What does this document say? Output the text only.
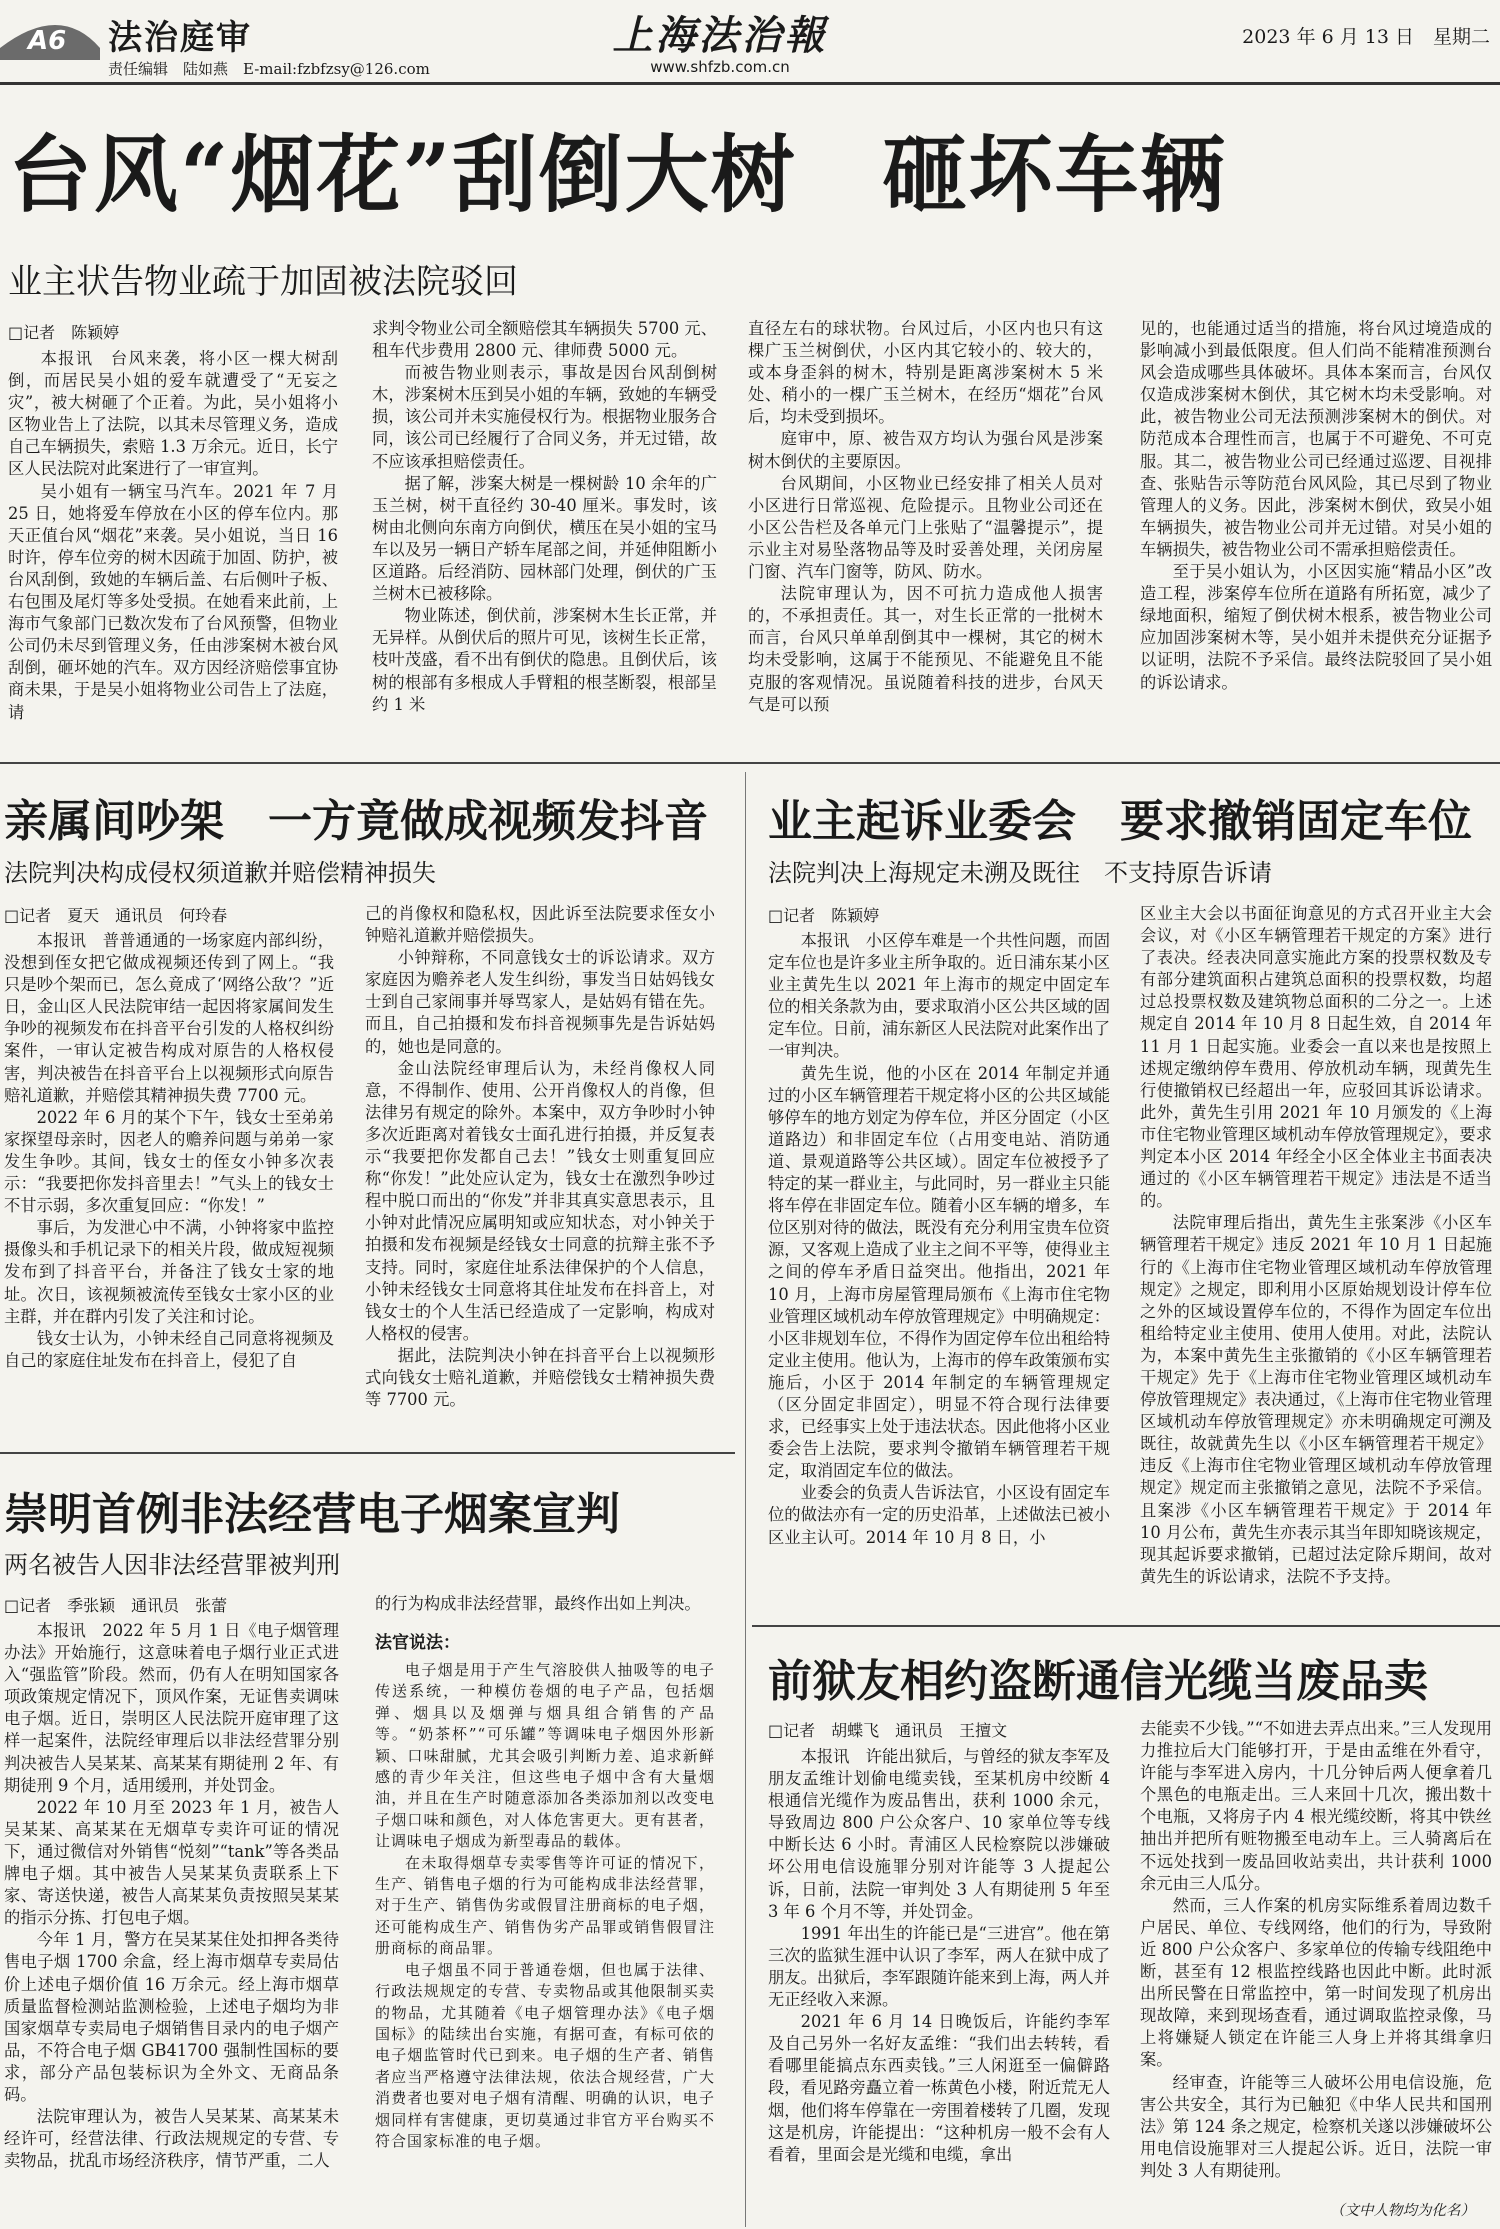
A6 法治庭审
责任编辑　陆如燕　E-mail:fzbfzsy@126.com
上海法治報
www.shfzb.com.cn
2023 年 6 月 13 日　星期二
台风“烟花”刮倒大树　砸坏车辆
业主状告物业疏于加固被法院驳回
□记者　陈颖婷

本报讯　台风来袭，将小区一棵大树刮倒，而居民吴小姐的爱车就遭受了“无妄之灾”，被大树砸了个正着。为此，吴小姐将小区物业告上了法院，以其未尽管理义务，造成自己车辆损失，索赔 1.3 万余元。近日，长宁区人民法院对此案进行了一审宣判。

吴小姐有一辆宝马汽车。2021 年 7 月 25 日，她将爱车停放在小区的停车位内。那天正值台风“烟花”来袭。吴小姐说，当日 16 时许，停车位旁的树木因疏于加固、防护，被台风刮倒，致她的车辆后盖、右后侧叶子板、右包围及尾灯等多处受损。在她看来此前，上海市气象部门已数次发布了台风预警，但物业公司仍未尽到管理义务，任由涉案树木被台风刮倒，砸坏她的汽车。双方因经济赔偿事宜协商未果，于是吴小姐将物业公司告上了法庭，请

求判令物业公司全额赔偿其车辆损失 5700 元、租车代步费用 2800 元、律师费 5000 元。

而被告物业则表示，事故是因台风刮倒树木，涉案树木压到吴小姐的车辆，致她的车辆受损，该公司并未实施侵权行为。根据物业服务合同，该公司已经履行了合同义务，并无过错，故不应该承担赔偿责任。

据了解，涉案大树是一棵树龄 10 余年的广玉兰树，树干直径约 30-40 厘米。事发时，该树由北侧向东南方向倒伏，横压在吴小姐的宝马车以及另一辆日产轿车尾部之间，并延伸阻断小区道路。后经消防、园林部门处理，倒伏的广玉兰树木已被移除。

物业陈述，倒伏前，涉案树木生长正常，并无异样。从倒伏后的照片可见，该树生长正常，枝叶茂盛，看不出有倒伏的隐患。且倒伏后，该树的根部有多根成人手臂粗的根茎断裂，根部呈约 1 米

直径左右的球状物。台风过后，小区内也只有这棵广玉兰树倒伏，小区内其它较小的、较大的，或本身歪斜的树木，特别是距离涉案树木 5 米处、稍小的一棵广玉兰树木，在经历“烟花”台风后，均未受到损坏。

庭审中，原、被告双方均认为强台风是涉案树木倒伏的主要原因。

台风期间，小区物业已经安排了相关人员对小区进行日常巡视、危险提示。且物业公司还在小区公告栏及各单元门上张贴了“温馨提示”，提示业主对易坠落物品等及时妥善处理，关闭房屋门窗、汽车门窗等，防风、防水。

法院审理认为，因不可抗力造成他人损害的，不承担责任。其一，对生长正常的一批树木而言，台风只单单刮倒其中一棵树，其它的树木均未受影响，这属于不能预见、不能避免且不能克服的客观情况。虽说随着科技的进步，台风天气是可以预

见的，也能通过适当的措施，将台风过境造成的影响减小到最低限度。但人们尚不能精准预测台风会造成哪些具体破坏。具体本案而言，台风仅仅造成涉案树木倒伏，其它树木均未受影响。对此，被告物业公司无法预测涉案树木的倒伏。对防范成本合理性而言，也属于不可避免、不可克服。其二，被告物业公司已经通过巡逻、目视排查、张贴告示等防范台风风险，其已尽到了物业管理人的义务。因此，涉案树木倒伏，致吴小姐车辆损失，被告物业公司并无过错。对吴小姐的车辆损失，被告物业公司不需承担赔偿责任。

至于吴小姐认为，小区因实施“精品小区”改造工程，涉案停车位所在道路有所拓宽，减少了绿地面积，缩短了倒伏树木根系，被告物业公司应加固涉案树木等，吴小姐并未提供充分证据予以证明，法院不予采信。最终法院驳回了吴小姐的诉讼请求。

亲属间吵架　一方竟做成视频发抖音
法院判决构成侵权须道歉并赔偿精神损失
□记者　夏天　通讯员　何玲春

本报讯　普普通通的一场家庭内部纠纷，没想到侄女把它做成视频还传到了网上。“我只是吵个架而已，怎么竟成了‘网络公敌’？”近日，金山区人民法院审结一起因将家属间发生争吵的视频发布在抖音平台引发的人格权纠纷案件，一审认定被告构成对原告的人格权侵害，判决被告在抖音平台上以视频形式向原告赔礼道歉，并赔偿其精神损失费 7700 元。

2022 年 6 月的某个下午，钱女士至弟弟家探望母亲时，因老人的赡养问题与弟弟一家发生争吵。其间，钱女士的侄女小钟多次表示：“我要把你发抖音里去！”气头上的钱女士不甘示弱，多次重复回应：“你发！”

事后，为发泄心中不满，小钟将家中监控摄像头和手机记录下的相关片段，做成短视频发布到了抖音平台，并备注了钱女士家的地址。次日，该视频被流传至钱女士家小区的业主群，并在群内引发了关注和讨论。

钱女士认为，小钟未经自己同意将视频及自己的家庭住址发布在抖音上，侵犯了自

己的肖像权和隐私权，因此诉至法院要求侄女小钟赔礼道歉并赔偿损失。

小钟辩称，不同意钱女士的诉讼请求。双方家庭因为赡养老人发生纠纷，事发当日姑妈钱女士到自己家闹事并辱骂家人，是姑妈有错在先。而且，自己拍摄和发布抖音视频事先是告诉姑妈的，她也是同意的。

金山法院经审理后认为，未经肖像权人同意，不得制作、使用、公开肖像权人的肖像，但法律另有规定的除外。本案中，双方争吵时小钟多次近距离对着钱女士面孔进行拍摄，并反复表示“我要把你发都自己去！”钱女士则重复回应称“你发！”此处应认定为，钱女士在激烈争吵过程中脱口而出的“你发”并非其真实意思表示，且小钟对此情况应属明知或应知状态，对小钟关于拍摄和发布视频是经钱女士同意的抗辩主张不予支持。同时，家庭住址系法律保护的个人信息，小钟未经钱女士同意将其住址发布在抖音上，对钱女士的个人生活已经造成了一定影响，构成对人格权的侵害。

据此，法院判决小钟在抖音平台上以视频形式向钱女士赔礼道歉，并赔偿钱女士精神损失费等 7700 元。

业主起诉业委会　要求撤销固定车位
法院判决上海规定未溯及既往　不支持原告诉请
□记者　陈颖婷

本报讯　小区停车难是一个共性问题，而固定车位也是许多业主所争取的。近日浦东某小区业主黄先生以 2021 年上海市的规定中固定车位的相关条款为由，要求取消小区公共区域的固定车位。日前，浦东新区人民法院对此案作出了一审判决。

黄先生说，他的小区在 2014 年制定并通过的小区车辆管理若干规定将小区的公共区域能够停车的地方划定为停车位，并区分固定（小区道路边）和非固定车位（占用变电站、消防通道、景观道路等公共区域）。固定车位被授予了特定的某一群业主，与此同时，另一群业主只能将车停在非固定车位。随着小区车辆的增多，车位区别对待的做法，既没有充分利用宝贵车位资源，又客观上造成了业主之间不平等，使得业主之间的停车矛盾日益突出。他指出，2021 年 10 月，上海市房屋管理局颁布《上海市住宅物业管理区域机动车停放管理规定》中明确规定：小区非规划车位，不得作为固定停车位出租给特定业主使用。他认为，上海市的停车政策颁布实施后，小区于 2014 年制定的车辆管理规定（区分固定非固定），明显不符合现行法律要求，已经事实上处于违法状态。因此他将小区业委会告上法院，要求判令撤销车辆管理若干规定，取消固定车位的做法。

业委会的负责人告诉法官，小区设有固定车位的做法亦有一定的历史沿革，上述做法已被小区业主认可。2014 年 10 月 8 日，小

区业主大会以书面征询意见的方式召开业主大会会议，对《小区车辆管理若干规定的方案》进行了表决。经表决同意实施此方案的投票权数及专有部分建筑面积占建筑总面积的投票权数，均超过总投票权数及建筑物总面积的二分之一。上述规定自 2014 年 10 月 8 日起生效，自 2014 年 11 月 1 日起实施。业委会一直以来也是按照上述规定缴纳停车费用、停放机动车辆，现黄先生行使撤销权已经超出一年，应驳回其诉讼请求。此外，黄先生引用 2021 年 10 月颁发的《上海市住宅物业管理区域机动车停放管理规定》，要求判定本小区 2014 年经全小区全体业主书面表决通过的《小区车辆管理若干规定》违法是不适当的。

法院审理后指出，黄先生主张案涉《小区车辆管理若干规定》违反 2021 年 10 月 1 日起施行的《上海市住宅物业管理区域机动车停放管理规定》之规定，即利用小区原始规划设计停车位之外的区域设置停车位的，不得作为固定车位出租给特定业主使用、使用人使用。对此，法院认为，本案中黄先生主张撤销的《小区车辆管理若干规定》先于《上海市住宅物业管理区域机动车停放管理规定》表决通过，《上海市住宅物业管理区域机动车停放管理规定》亦未明确规定可溯及既往，故就黄先生以《小区车辆管理若干规定》违反《上海市住宅物业管理区域机动车停放管理规定》规定而主张撤销之意见，法院不予采信。且案涉《小区车辆管理若干规定》于 2014 年 10 月公布，黄先生亦表示其当年即知晓该规定，现其起诉要求撤销，已超过法定除斥期间，故对黄先生的诉讼请求，法院不予支持。

崇明首例非法经营电子烟案宣判
两名被告人因非法经营罪被判刑
□记者　季张颖　通讯员　张蕾

本报讯　2022 年 5 月 1 日《电子烟管理办法》开始施行，这意味着电子烟行业正式进入“强监管”阶段。然而，仍有人在明知国家各项政策规定情况下，顶风作案，无证售卖调味电子烟。近日，崇明区人民法院开庭审理了这样一起案件，法院经审理后以非法经营罪分别判决被告人吴某某、高某某有期徒刑 2 年、有期徒刑 9 个月，适用缓刑，并处罚金。

2022 年 10 月至 2023 年 1 月，被告人吴某某、高某某在无烟草专卖许可证的情况下，通过微信对外销售“悦刻”“tank”等各类品牌电子烟。其中被告人吴某某负责联系上下家、寄送快递，被告人高某某负责按照吴某某的指示分拣、打包电子烟。

今年 1 月，警方在吴某某住处扣押各类待售电子烟 1700 余盒，经上海市烟草专卖局估价上述电子烟价值 16 万余元。经上海市烟草质量监督检测站监测检验，上述电子烟均为非国家烟草专卖局电子烟销售目录内的电子烟产品，不符合电子烟 GB41700 强制性国标的要求，部分产品包装标识为全外文、无商品条码。

法院审理认为，被告人吴某某、高某某未经许可，经营法律、行政法规规定的专营、专卖物品，扰乱市场经济秩序，情节严重，二人

的行为构成非法经营罪，最终作出如上判决。

法官说法：

电子烟是用于产生气溶胶供人抽吸等的电子传送系统，一种模仿卷烟的电子产品，包括烟弹、烟具以及烟弹与烟具组合销售的产品等。“奶茶杯”“可乐罐”等调味电子烟因外形新颖、口味甜腻，尤其会吸引判断力差、追求新鲜感的青少年关注，但这些电子烟中含有大量烟油，并且在生产时随意添加各类添加剂以改变电子烟口味和颜色，对人体危害更大。更有甚者，让调味电子烟成为新型毒品的载体。

在未取得烟草专卖零售等许可证的情况下，生产、销售电子烟的行为可能构成非法经营罪，对于生产、销售伪劣或假冒注册商标的电子烟，还可能构成生产、销售伪劣产品罪或销售假冒注册商标的商品罪。

电子烟虽不同于普通卷烟，但也属于法律、行政法规规定的专营、专卖物品或其他限制买卖的物品，尤其随着《电子烟管理办法》《电子烟国标》的陆续出台实施，有据可查，有标可依的电子烟监管时代已到来。电子烟的生产者、销售者应当严格遵守法律法规，依法合规经营，广大消费者也要对电子烟有清醒、明确的认识，电子烟同样有害健康，更切莫通过非官方平台购买不符合国家标准的电子烟。

前狱友相约盗断通信光缆当废品卖
□记者　胡蝶飞　通讯员　王擅文

本报讯　许能出狱后，与曾经的狱友李军及朋友孟维计划偷电缆卖钱，至某机房中绞断 4 根通信光缆作为废品售出，获利 1000 余元，导致周边 800 户公众客户、10 家单位等专线中断长达 6 小时。青浦区人民检察院以涉嫌破坏公用电信设施罪分别对许能等 3 人提起公诉，日前，法院一审判处 3 人有期徒刑 5 年至 3 年 6 个月不等，并处罚金。

1991 年出生的许能已是“三进宫”。他在第三次的监狱生涯中认识了李军，两人在狱中成了朋友。出狱后，李军跟随许能来到上海，两人并无正经收入来源。

2021 年 6 月 14 日晚饭后，许能约李军及自己另外一名好友孟维：“我们出去转转，看看哪里能搞点东西卖钱。”三人闲逛至一偏僻路段，看见路旁矗立着一栋黄色小楼，附近荒无人烟，他们将车停靠在一旁围着楼转了几圈，发现这是机房，许能提出：“这种机房一般不会有人看着，里面会是光缆和电缆，拿出

去能卖不少钱。”“不如进去弄点出来。”三人发现用力推拉后大门能够打开，于是由孟维在外看守，许能与李军进入房内，十几分钟后两人便拿着几个黑色的电瓶走出。三人来回十几次，搬出数十个电瓶，又将房子内 4 根光缆绞断，将其中铁丝抽出并把所有赃物搬至电动车上。三人骑离后在不远处找到一废品回收站卖出，共计获利 1000 余元由三人瓜分。

然而，三人作案的机房实际维系着周边数千户居民、单位、专线网络，他们的行为，导致附近 800 户公众客户、多家单位的传输专线阻绝中断，甚至有 12 根监控线路也因此中断。此时派出所民警在日常监控中，第一时间发现了机房出现故障，来到现场查看，通过调取监控录像，马上将嫌疑人锁定在许能三人身上并将其缉拿归案。

经审查，许能等三人破坏公用电信设施，危害公共安全，其行为已触犯《中华人民共和国刑法》第 124 条之规定，检察机关遂以涉嫌破坏公用电信设施罪对三人提起公诉。近日，法院一审判处 3 人有期徒刑。

（文中人物均为化名）
